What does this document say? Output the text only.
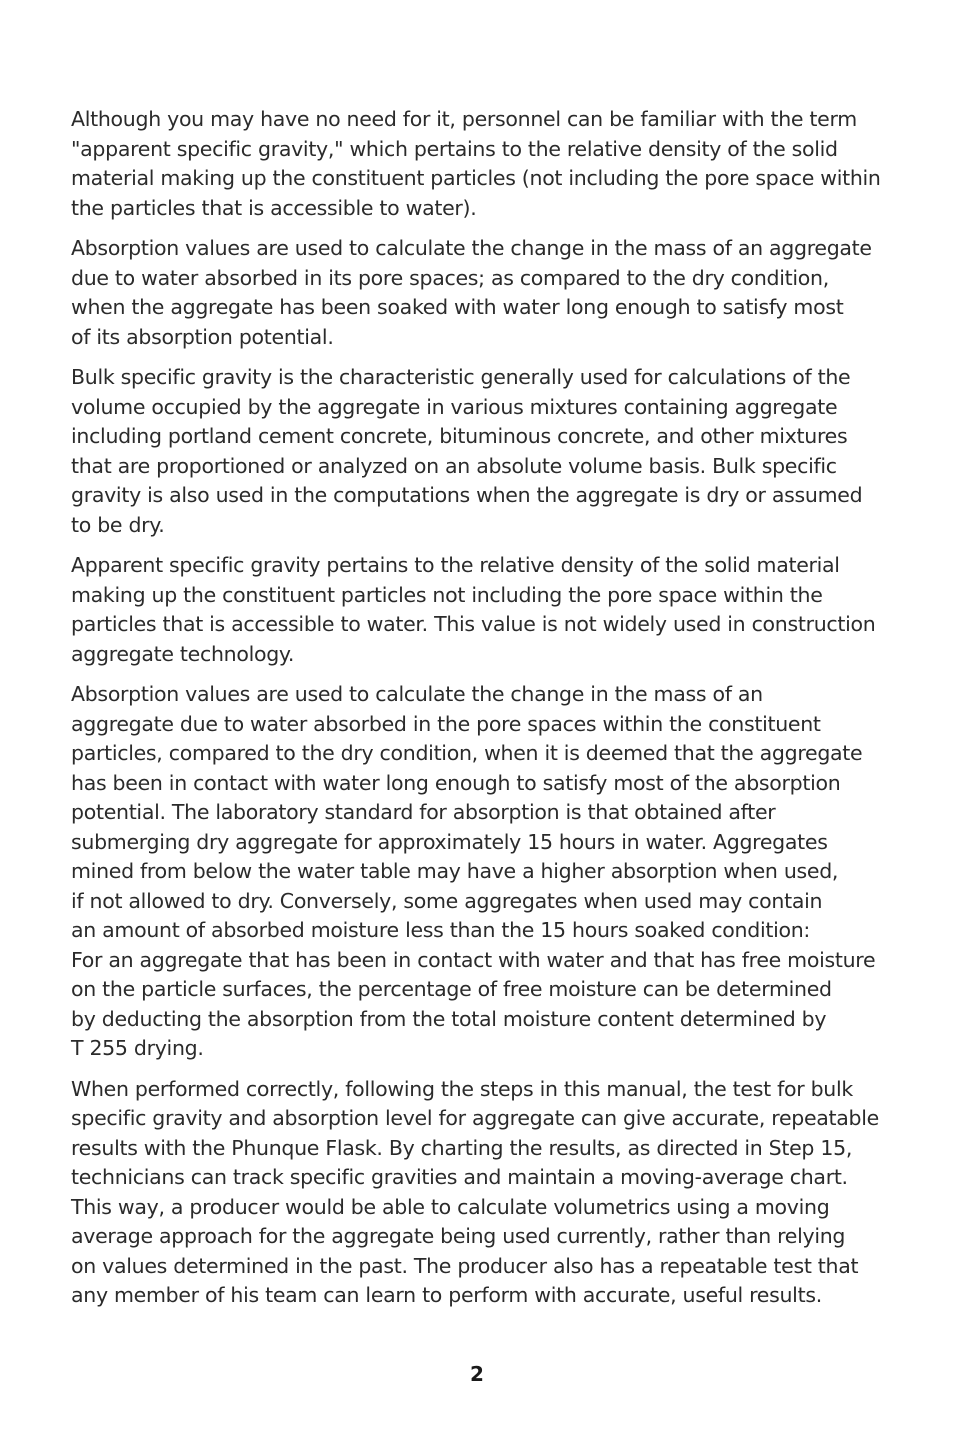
Although you may have no need for it, personnel can be familiar with the term
"apparent specific gravity," which pertains to the relative density of the solid
material making up the constituent particles (not including the pore space within
the particles that is accessible to water).

Absorption values are used to calculate the change in the mass of an aggregate
due to water absorbed in its pore spaces; as compared to the dry condition,
when the aggregate has been soaked with water long enough to satisfy most
of its absorption potential.

Bulk specific gravity is the characteristic generally used for calculations of the
volume occupied by the aggregate in various mixtures containing aggregate
including portland cement concrete, bituminous concrete, and other mixtures
that are proportioned or analyzed on an absolute volume basis. Bulk specific
gravity is also used in the computations when the aggregate is dry or assumed
to be dry.

Apparent specific gravity pertains to the relative density of the solid material
making up the constituent particles not including the pore space within the
particles that is accessible to water. This value is not widely used in construction
aggregate technology.

Absorption values are used to calculate the change in the mass of an
aggregate due to water absorbed in the pore spaces within the constituent
particles, compared to the dry condition, when it is deemed that the aggregate
has been in contact with water long enough to satisfy most of the absorption
potential. The laboratory standard for absorption is that obtained after
submerging dry aggregate for approximately 15 hours in water. Aggregates
mined from below the water table may have a higher absorption when used,
if not allowed to dry. Conversely, some aggregates when used may contain
an amount of absorbed moisture less than the 15 hours soaked condition:
For an aggregate that has been in contact with water and that has free moisture
on the particle surfaces, the percentage of free moisture can be determined
by deducting the absorption from the total moisture content determined by
T 255 drying.

When performed correctly, following the steps in this manual, the test for bulk
specific gravity and absorption level for aggregate can give accurate, repeatable
results with the Phunque Flask. By charting the results, as directed in Step 15,
technicians can track specific gravities and maintain a moving-average chart.
This way, a producer would be able to calculate volumetrics using a moving
average approach for the aggregate being used currently, rather than relying
on values determined in the past. The producer also has a repeatable test that
any member of his team can learn to perform with accurate, useful results.

2
